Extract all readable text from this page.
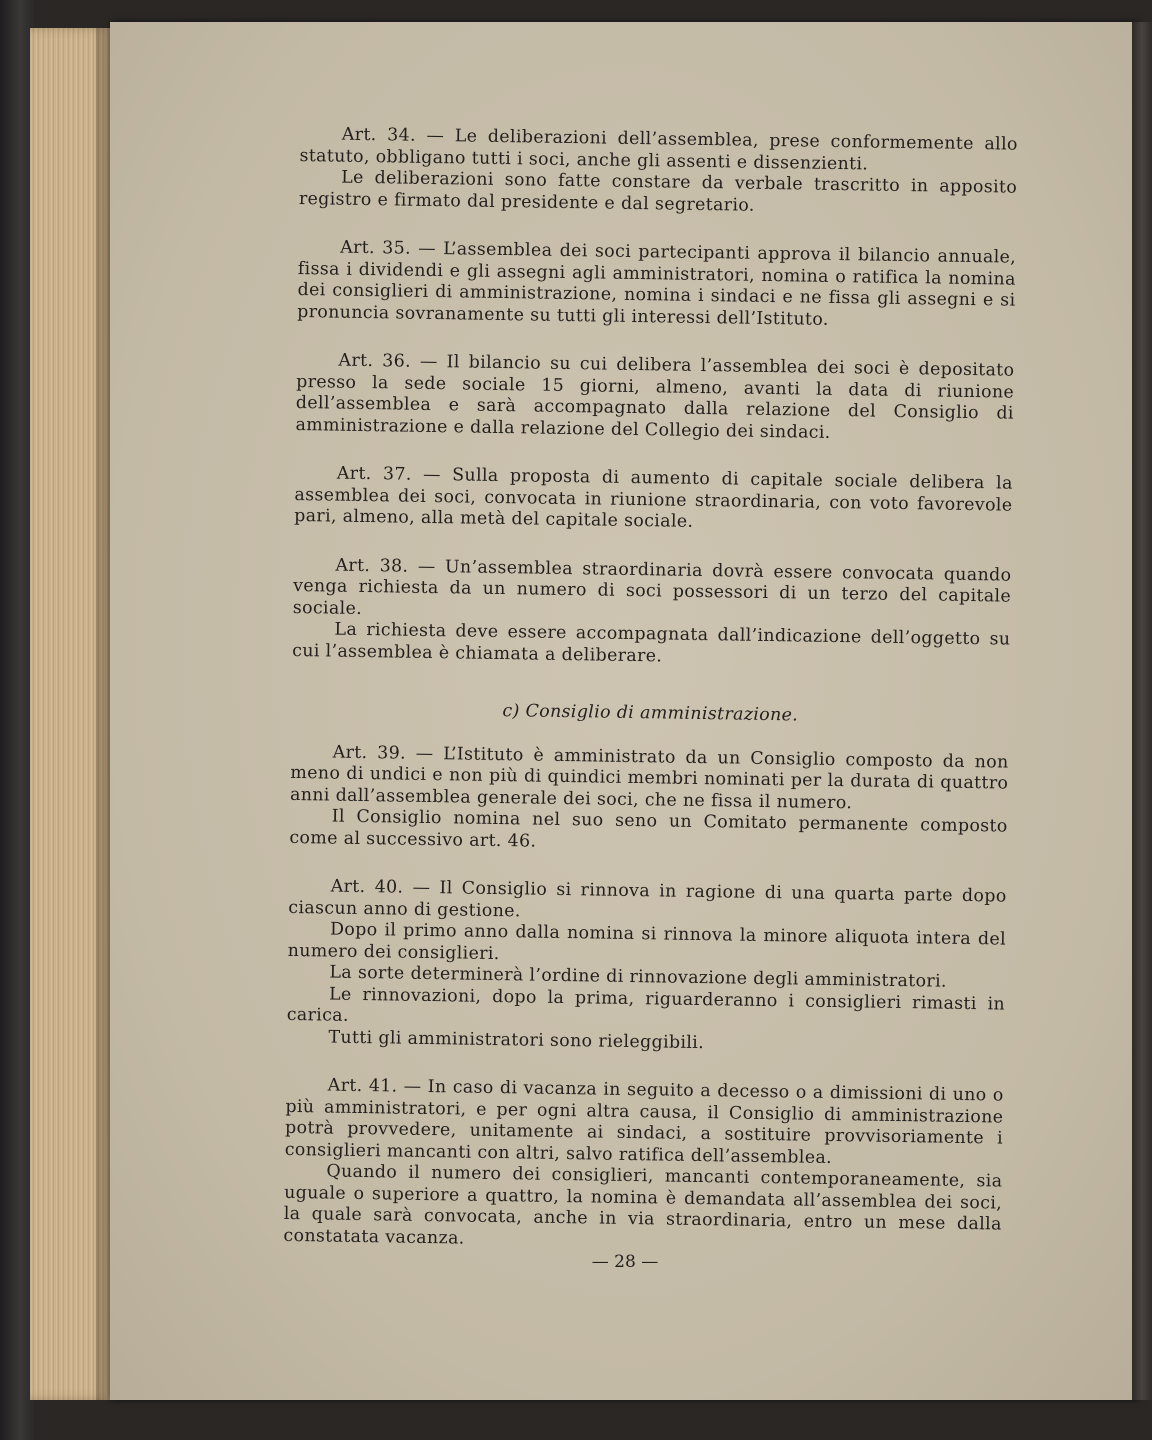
— 28 —

Art. 34. — Le deliberazioni dell’assemblea, prese conformemente allo statuto, obbligano tutti i soci, anche gli assenti e dissenzienti.

Le deliberazioni sono fatte constare da verbale trascritto in apposito registro e firmato dal presidente e dal segretario.

Art. 35. — L’assemblea dei soci partecipanti approva il bilancio annuale, fissa i dividendi e gli assegni agli amministratori, nomina o ratifica la nomina dei consiglieri di amministrazione, nomina i sindaci e ne fissa gli assegni e si pronuncia sovranamente su tutti gli interessi dell’Istituto.

Art. 36. — Il bilancio su cui delibera l’assemblea dei soci è depositato presso la sede sociale 15 giorni, almeno, avanti la data di riunione dell’assemblea e sarà accompagnato dalla relazione del Consiglio di amministrazione e dalla relazione del Collegio dei sindaci.

Art. 37. — Sulla proposta di aumento di capitale sociale delibera la assemblea dei soci, convocata in riunione straordinaria, con voto favorevole pari, almeno, alla metà del capitale sociale.

Art. 38. — Un’assemblea straordinaria dovrà essere convocata quando venga richiesta da un numero di soci possessori di un terzo del capitale sociale.

La richiesta deve essere accompagnata dall’indicazione dell’oggetto su cui l’assemblea è chiamata a deliberare.

c) Consiglio di amministrazione.

Art. 39. — L’Istituto è amministrato da un Consiglio composto da non meno di undici e non più di quindici membri nominati per la durata di quattro anni dall’assemblea generale dei soci, che ne fissa il numero.

Il Consiglio nomina nel suo seno un Comitato permanente composto come al successivo art. 46.

Art. 40. — Il Consiglio si rinnova in ragione di una quarta parte dopo ciascun anno di gestione.

Dopo il primo anno dalla nomina si rinnova la minore aliquota intera del numero dei consiglieri.

La sorte determinerà l’ordine di rinnovazione degli amministratori.

Le rinnovazioni, dopo la prima, riguarderanno i consiglieri rimasti in carica.

Tutti gli amministratori sono rieleggibili.

Art. 41. — In caso di vacanza in seguito a decesso o a dimissioni di uno o più amministratori, e per ogni altra causa, il Consiglio di amministrazione potrà provvedere, unitamente ai sindaci, a sostituire provvisoriamente i consiglieri mancanti con altri, salvo ratifica dell’assemblea.

Quando il numero dei consiglieri, mancanti contemporaneamente, sia uguale o superiore a quattro, la nomina è demandata all’assemblea dei soci, la quale sarà convocata, anche in via straordinaria, entro un mese dalla constatata vacanza.
